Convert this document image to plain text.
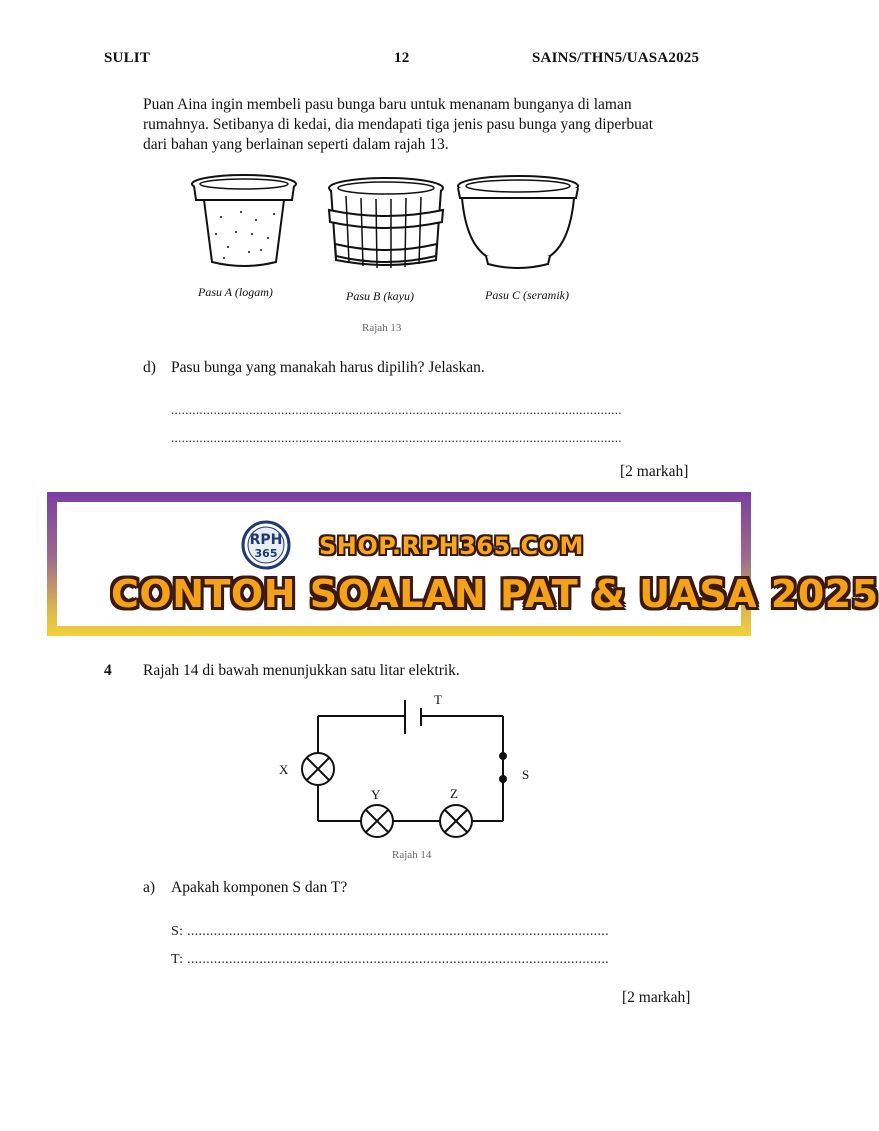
SULIT	12	SAINS/THN5/UASA2025
Puan Aina ingin membeli pasu bunga baru untuk menanam bunganya di laman
rumahnya. Setibanya di kedai, dia mendapati tiga jenis pasu bunga yang diperbuat
dari bahan yang berlainan seperti dalam rajah 13.
Pasu A (logam)	Pasu B (kayu)	Pasu C (seramik)
Rajah 13
d) Pasu bunga yang manakah harus dipilih? Jelaskan.
...............................................................................................................................
...............................................................................................................................
[2 markah]
RPH
365 SHOP.RPH365.COM
CONTOH SOALAN PAT & UASA 2025
4 Rajah 14 di bawah menunjukkan satu litar elektrik.
T
X	S
Y	Z
Rajah 14
a) Apakah komponen S dan T?
S: ...............................................................................................................
T: ...............................................................................................................
[2 markah]
